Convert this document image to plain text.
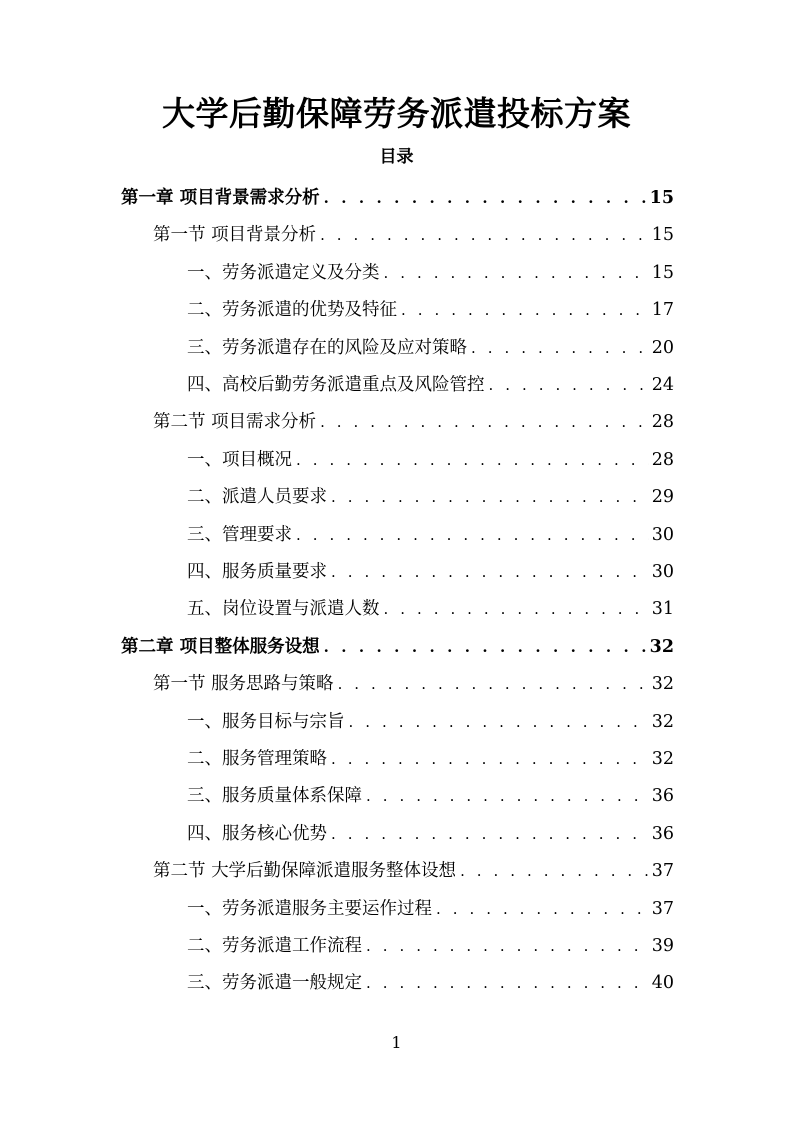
大学后勤保障劳务派遣投标方案
目录
第一章 项目背景需求分析 . . .	15
第一节 项目背景分析 . . .	15
一、劳务派遣定义及分类 . . .	15
二、劳务派遣的优势及特征 . . .	17
三、劳务派遣存在的风险及应对策略 . . .	20
四、高校后勤劳务派遣重点及风险管控 . . .	24
第二节 项目需求分析 . . .	28
一、项目概况 . . .	28
二、派遣人员要求 . . .	29
三、管理要求 . . .	30
四、服务质量要求 . . .	30
五、岗位设置与派遣人数 . . .	31
第二章 项目整体服务设想 . . .	32
第一节 服务思路与策略 . . .	32
一、服务目标与宗旨 . . .	32
二、服务管理策略 . . .	32
三、服务质量体系保障 . . .	36
四、服务核心优势 . . .	36
第二节 大学后勤保障派遣服务整体设想 . . .	37
一、劳务派遣服务主要运作过程 . . .	37
二、劳务派遣工作流程 . . .	39
三、劳务派遣一般规定 . . .	40
1
